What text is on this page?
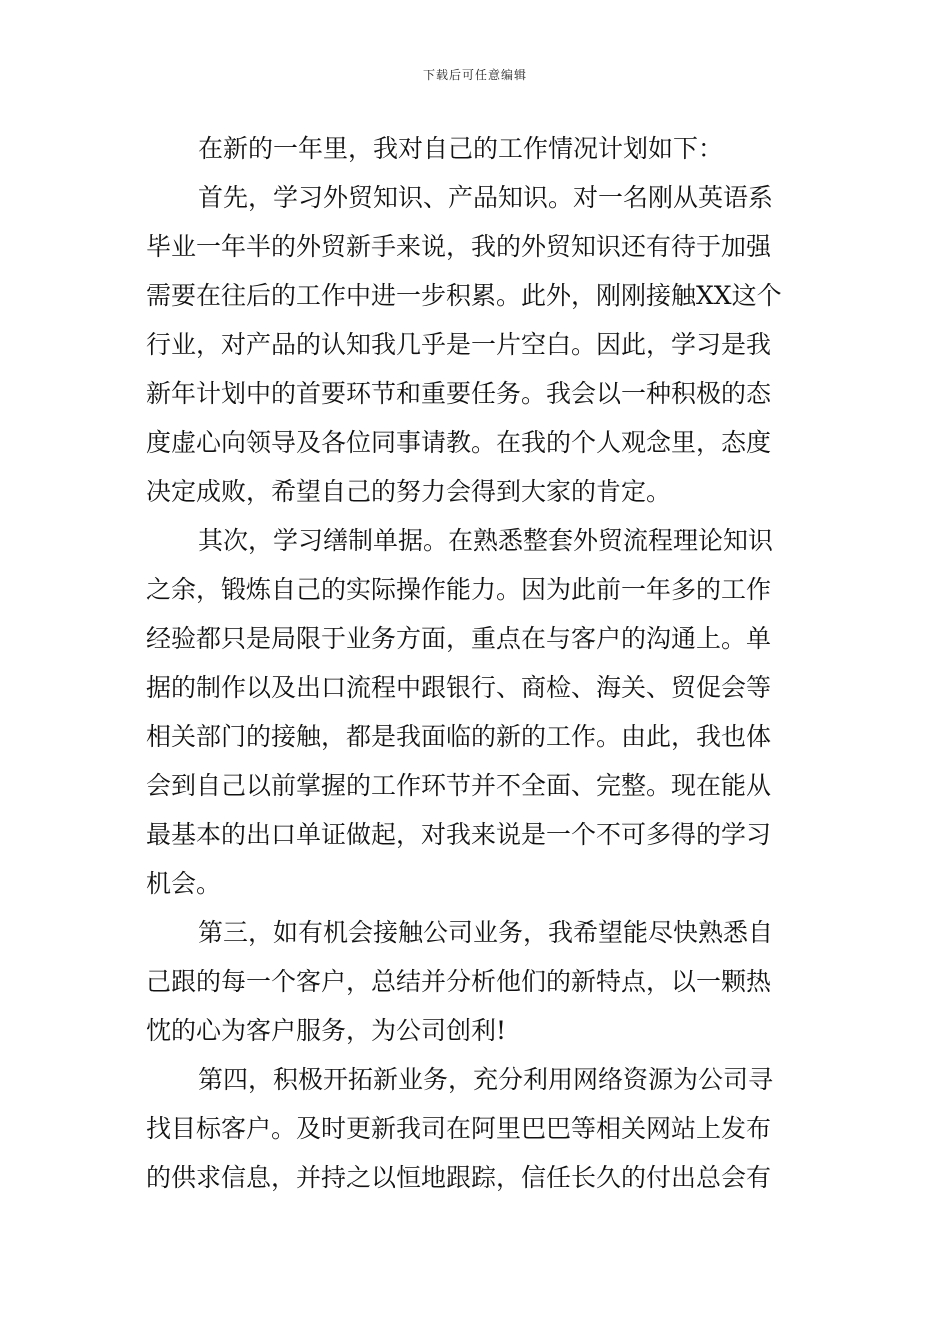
下载后可任意编辑
在新的一年里，我对自己的工作情况计划如下：
首先，学习外贸知识、产品知识。对一名刚从英语系
毕业一年半的外贸新手来说，我的外贸知识还有待于加强
需要在往后的工作中进一步积累。此外，刚刚接触XX这个
行业，对产品的认知我几乎是一片空白。因此，学习是我
新年计划中的首要环节和重要任务。我会以一种积极的态
度虚心向领导及各位同事请教。在我的个人观念里，态度
决定成败，希望自己的努力会得到大家的肯定。
其次，学习缮制单据。在熟悉整套外贸流程理论知识
之余，锻炼自己的实际操作能力。因为此前一年多的工作
经验都只是局限于业务方面，重点在与客户的沟通上。单
据的制作以及出口流程中跟银行、商检、海关、贸促会等
相关部门的接触，都是我面临的新的工作。由此，我也体
会到自己以前掌握的工作环节并不全面、完整。现在能从
最基本的出口单证做起，对我来说是一个不可多得的学习
机会。
第三，如有机会接触公司业务，我希望能尽快熟悉自
己跟的每一个客户，总结并分析他们的新特点，以一颗热
忱的心为客户服务，为公司创利!
第四，积极开拓新业务，充分利用网络资源为公司寻
找目标客户。及时更新我司在阿里巴巴等相关网站上发布
的供求信息，并持之以恒地跟踪，信任长久的付出总会有
